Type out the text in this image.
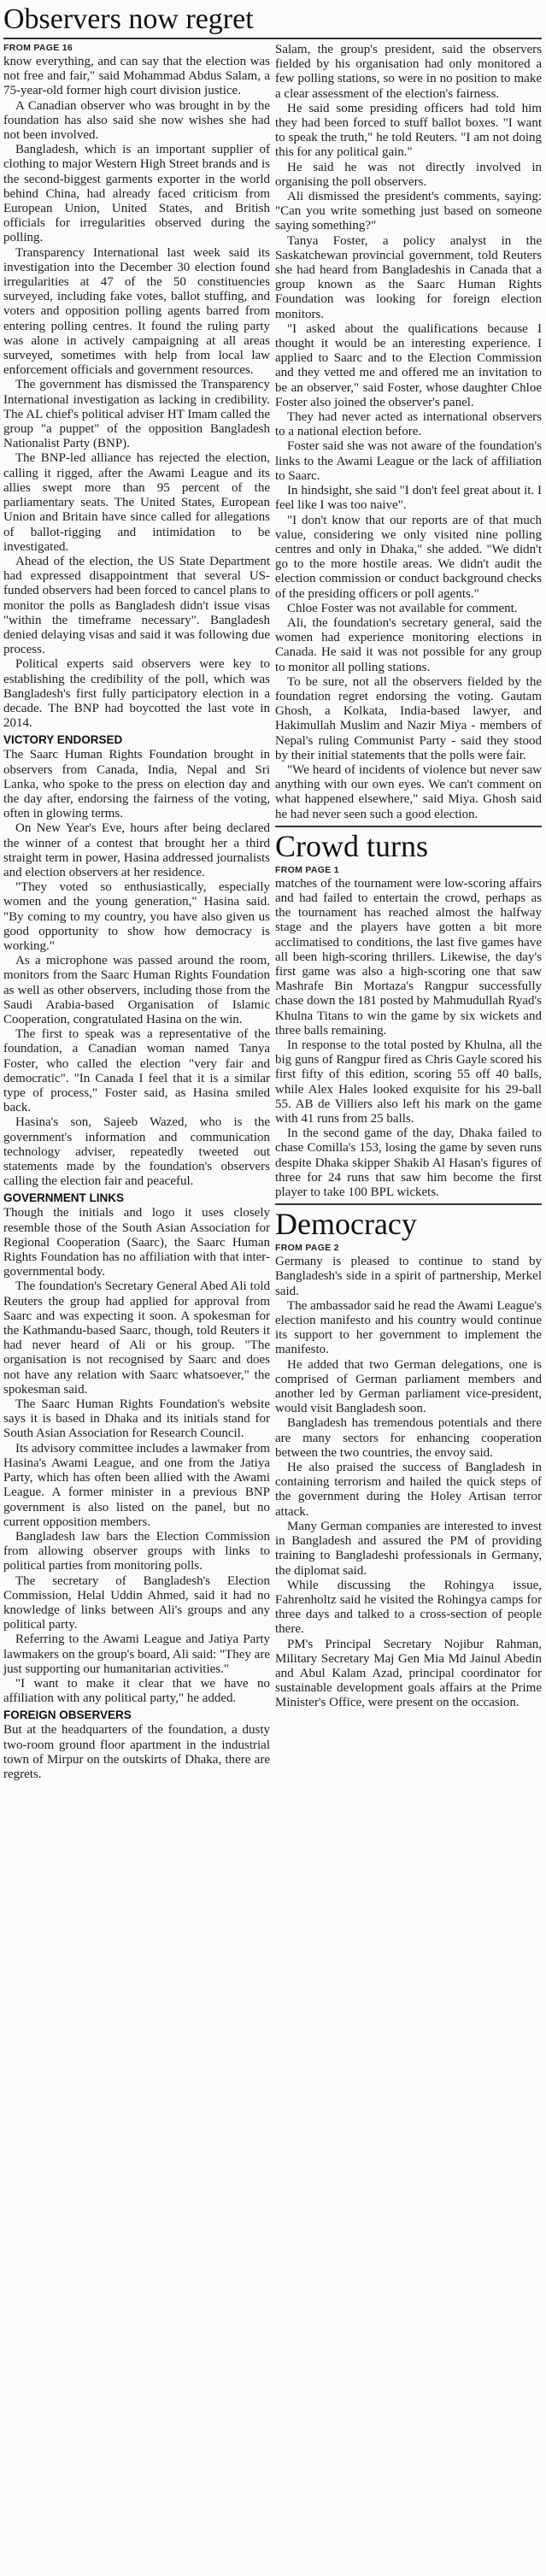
Observers now regret
FROM PAGE 16

know everything, and can say that the election was not free and fair," said Mohammad Abdus Salam, a 75-year-old former high court division justice.

A Canadian observer who was brought in by the foundation has also said she now wishes she had not been involved.

Bangladesh, which is an important supplier of clothing to major Western High Street brands and is the second-biggest garments exporter in the world behind China, had already faced criticism from European Union, United States, and British officials for irregularities observed during the polling.

Transparency International last week said its investigation into the December 30 election found irregularities at 47 of the 50 constituencies surveyed, including fake votes, ballot stuffing, and voters and opposition polling agents barred from entering polling centres. It found the ruling party was alone in actively campaigning at all areas surveyed, sometimes with help from local law enforcement officials and government resources.

The government has dismissed the Transparency International investigation as lacking in credibility. The AL chief's political adviser HT Imam called the group "a puppet" of the opposition Bangladesh Nationalist Party (BNP).

The BNP-led alliance has rejected the election, calling it rigged, after the Awami League and its allies swept more than 95 percent of the parliamentary seats. The United States, European Union and Britain have since called for allegations of ballot-rigging and intimidation to be investigated.

Ahead of the election, the US State Department had expressed disappointment that several US-funded observers had been forced to cancel plans to monitor the polls as Bangladesh didn't issue visas "within the timeframe necessary". Bangladesh denied delaying visas and said it was following due process.

Political experts said observers were key to establishing the credibility of the poll, which was Bangladesh's first fully participatory election in a decade. The BNP had boycotted the last vote in 2014.

VICTORY ENDORSED

The Saarc Human Rights Foundation brought in observers from Canada, India, Nepal and Sri Lanka, who spoke to the press on election day and the day after, endorsing the fairness of the voting, often in glowing terms.

On New Year's Eve, hours after being declared the winner of a contest that brought her a third straight term in power, Hasina addressed journalists and election observers at her residence.

"They voted so enthusiastically, especially women and the young generation," Hasina said. "By coming to my country, you have also given us good opportunity to show how democracy is working."

As a microphone was passed around the room, monitors from the Saarc Human Rights Foundation as well as other observers, including those from the Saudi Arabia-based Organisation of Islamic Cooperation, congratulated Hasina on the win.

The first to speak was a representative of the foundation, a Canadian woman named Tanya Foster, who called the election "very fair and democratic". "In Canada I feel that it is a similar type of process," Foster said, as Hasina smiled back.

Hasina's son, Sajeeb Wazed, who is the government's information and communication technology adviser, repeatedly tweeted out statements made by the foundation's observers calling the election fair and peaceful.

GOVERNMENT LINKS

Though the initials and logo it uses closely resemble those of the South Asian Association for Regional Cooperation (Saarc), the Saarc Human Rights Foundation has no affiliation with that inter-governmental body.

The foundation's Secretary General Abed Ali told Reuters the group had applied for approval from Saarc and was expecting it soon. A spokesman for the Kathmandu-based Saarc, though, told Reuters it had never heard of Ali or his group. "The organisation is not recognised by Saarc and does not have any relation with Saarc whatsoever," the spokesman said.

The Saarc Human Rights Foundation's website says it is based in Dhaka and its initials stand for South Asian Association for Research Council.

Its advisory committee includes a lawmaker from Hasina's Awami League, and one from the Jatiya Party, which has often been allied with the Awami League. A former minister in a previous BNP government is also listed on the panel, but no current opposition members.

Bangladesh law bars the Election Commission from allowing observer groups with links to political parties from monitoring polls.

The secretary of Bangladesh's Election Commission, Helal Uddin Ahmed, said it had no knowledge of links between Ali's groups and any political party.

Referring to the Awami League and Jatiya Party lawmakers on the group's board, Ali said: "They are just supporting our humanitarian activities."

"I want to make it clear that we have no affiliation with any political party," he added.

FOREIGN OBSERVERS

But at the headquarters of the foundation, a dusty two-room ground floor apartment in the industrial town of Mirpur on the outskirts of Dhaka, there are regrets.

Salam, the group's president, said the observers fielded by his organisation had only monitored a few polling stations, so were in no position to make a clear assessment of the election's fairness.

He said some presiding officers had told him they had been forced to stuff ballot boxes. "I want to speak the truth," he told Reuters. "I am not doing this for any political gain."

He said he was not directly involved in organising the poll observers.

Ali dismissed the president's comments, saying: "Can you write something just based on someone saying something?"

Tanya Foster, a policy analyst in the Saskatchewan provincial government, told Reuters she had heard from Bangladeshis in Canada that a group known as the Saarc Human Rights Foundation was looking for foreign election monitors.

"I asked about the qualifications because I thought it would be an interesting experience. I applied to Saarc and to the Election Commission and they vetted me and offered me an invitation to be an observer," said Foster, whose daughter Chloe Foster also joined the observer's panel.

They had never acted as international observers to a national election before.

Foster said she was not aware of the foundation's links to the Awami League or the lack of affiliation to Saarc.

In hindsight, she said "I don't feel great about it. I feel like I was too naive".

"I don't know that our reports are of that much value, considering we only visited nine polling centres and only in Dhaka," she added. "We didn't go to the more hostile areas. We didn't audit the election commission or conduct background checks of the presiding officers or poll agents."

Chloe Foster was not available for comment.

Ali, the foundation's secretary general, said the women had experience monitoring elections in Canada. He said it was not possible for any group to monitor all polling stations.

To be sure, not all the observers fielded by the foundation regret endorsing the voting. Gautam Ghosh, a Kolkata, India-based lawyer, and Hakimullah Muslim and Nazir Miya - members of Nepal's ruling Communist Party - said they stood by their initial statements that the polls were fair.

"We heard of incidents of violence but never saw anything with our own eyes. We can't comment on what happened elsewhere," said Miya. Ghosh said he had never seen such a good election.

Crowd turns
FROM PAGE 1

matches of the tournament were low-scoring affairs and had failed to entertain the crowd, perhaps as the tournament has reached almost the halfway stage and the players have gotten a bit more acclimatised to conditions, the last five games have all been high-scoring thrillers. Likewise, the day's first game was also a high-scoring one that saw Mashrafe Bin Mortaza's Rangpur successfully chase down the 181 posted by Mahmudullah Ryad's Khulna Titans to win the game by six wickets and three balls remaining.

In response to the total posted by Khulna, all the big guns of Rangpur fired as Chris Gayle scored his first fifty of this edition, scoring 55 off 40 balls, while Alex Hales looked exquisite for his 29-ball 55. AB de Villiers also left his mark on the game with 41 runs from 25 balls.

In the second game of the day, Dhaka failed to chase Comilla's 153, losing the game by seven runs despite Dhaka skipper Shakib Al Hasan's figures of three for 24 runs that saw him become the first player to take 100 BPL wickets.

Democracy
FROM PAGE 2

Germany is pleased to continue to stand by Bangladesh's side in a spirit of partnership, Merkel said.

The ambassador said he read the Awami League's election manifesto and his country would continue its support to her government to implement the manifesto.

He added that two German delegations, one is comprised of German parliament members and another led by German parliament vice-president, would visit Bangladesh soon.

Bangladesh has tremendous potentials and there are many sectors for enhancing cooperation between the two countries, the envoy said.

He also praised the success of Bangladesh in containing terrorism and hailed the quick steps of the government during the Holey Artisan terror attack.

Many German companies are interested to invest in Bangladesh and assured the PM of providing training to Bangladeshi professionals in Germany, the diplomat said.

While discussing the Rohingya issue, Fahrenholtz said he visited the Rohingya camps for three days and talked to a cross-section of people there.

PM's Principal Secretary Nojibur Rahman, Military Secretary Maj Gen Mia Md Jainul Abedin and Abul Kalam Azad, principal coordinator for sustainable development goals affairs at the Prime Minister's Office, were present on the occasion.
